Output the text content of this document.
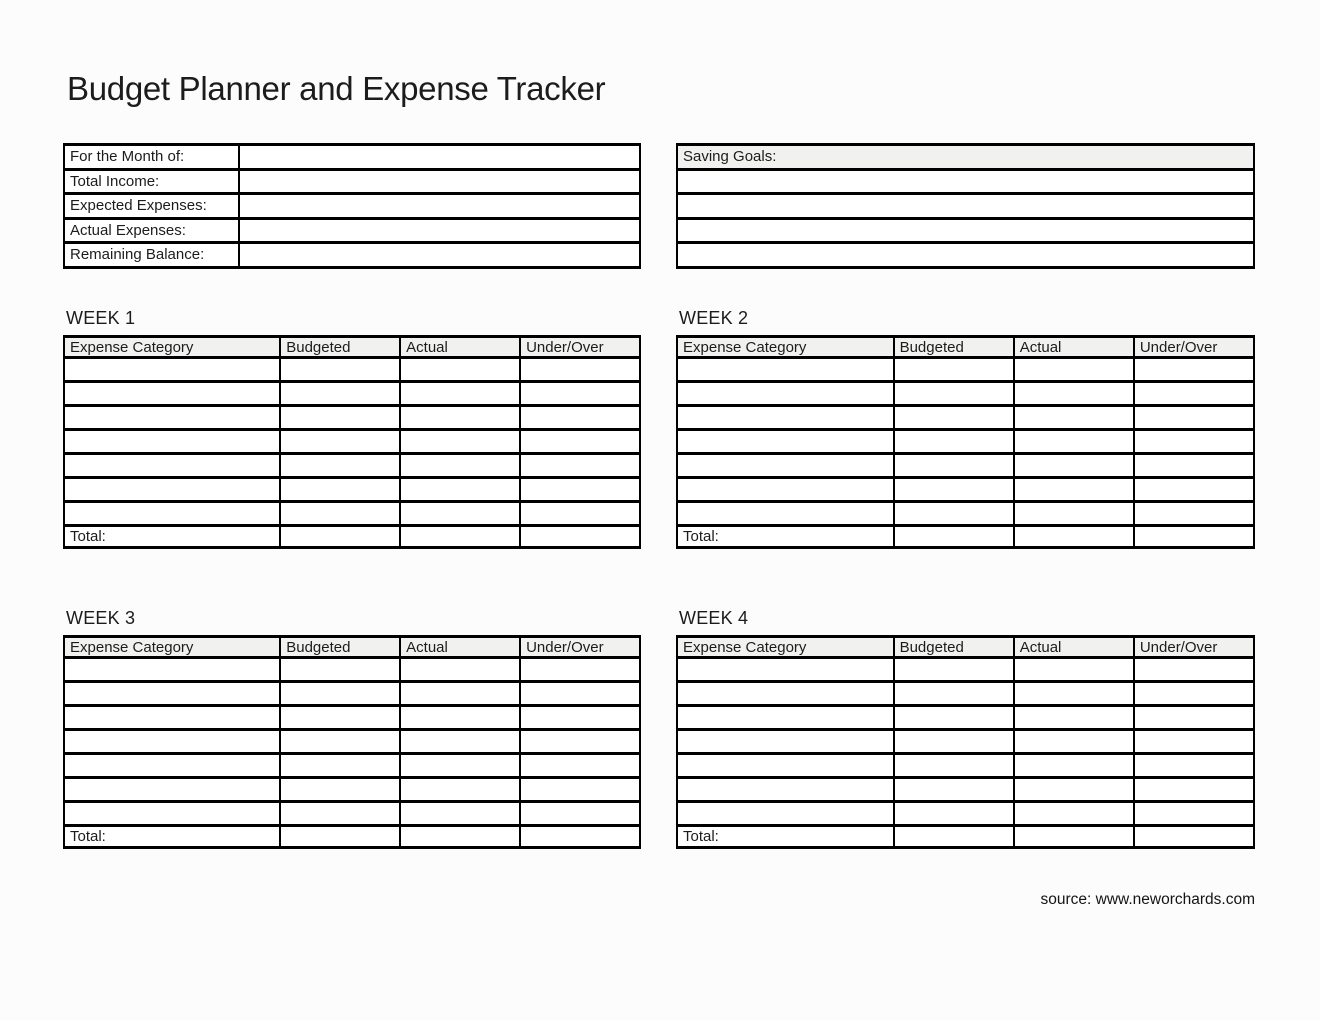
Budget Planner and Expense Tracker
For the Month of:	
Total Income:	
Expected Expenses:	
Actual Expenses:	
Remaining Balance:	
Saving Goals:

WEEK 1
Expense Category	Budgeted	Actual	Under/Over

Total:			
WEEK 2
Expense Category	Budgeted	Actual	Under/Over

Total:			
WEEK 3
Expense Category	Budgeted	Actual	Under/Over

Total:			
WEEK 4
Expense Category	Budgeted	Actual	Under/Over

Total:			
source: www.neworchards.com
